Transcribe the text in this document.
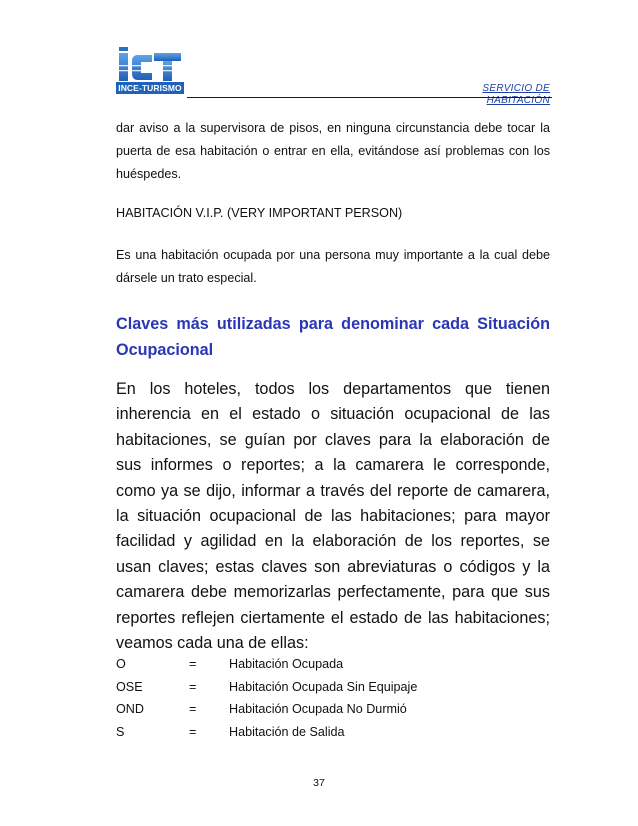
INCE-TURISMO	SERVICIO DE
HABITACIÓN
dar aviso a la supervisora de pisos, en ninguna circunstancia debe tocar la puerta de esa habitación o entrar en ella, evitándose así problemas con los huéspedes.
HABITACIÓN V.I.P. (VERY IMPORTANT PERSON)
Es una habitación ocupada por una persona muy importante a la cual debe dársele un trato especial.
Claves más utilizadas para denominar cada Situación Ocupacional
En los hoteles, todos los departamentos que tienen inherencia en el estado o situación ocupacional de las habitaciones, se guían por claves para la elaboración de sus informes o reportes; a la camarera le corresponde, como ya se dijo, informar a través del reporte de camarera, la situación ocupacional de las habitaciones; para mayor facilidad y agilidad en la elaboración de los reportes, se usan claves; estas claves son abreviaturas o códigos y la camarera debe memorizarlas perfectamente, para que sus reportes reflejen ciertamente el estado de las habitaciones; veamos cada una de ellas:
O	=	Habitación Ocupada
OSE	=	Habitación Ocupada Sin Equipaje
OND	=	Habitación Ocupada No Durmió
S	=	Habitación de Salida
37
